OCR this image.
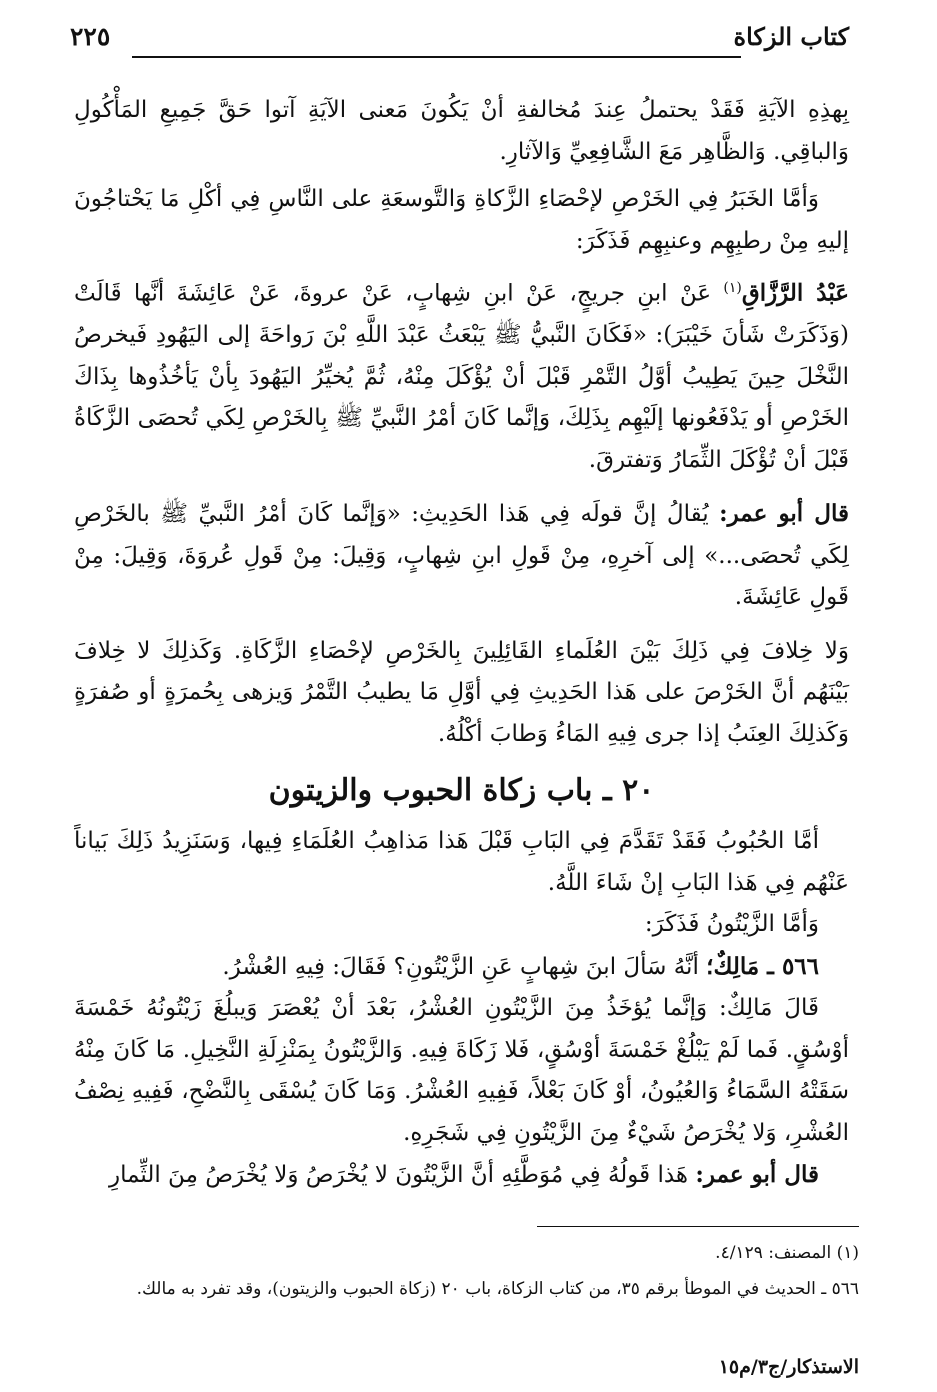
كتاب الزكاة
٢٢٥

بِهذِهِ الآيَةِ فَقَدْ يحتملُ عِندَ مُخالفةِ أنْ يَكُونَ مَعنى الآيَةِ آتوا حَقَّ جَمِيعِ المَأْكُولِ وَالباقِي. وَالظَّاهِر مَعَ الشَّافِعِيِّ وَالآثارِ.

وَأمَّا الخَبَرُ فِي الخَرْصِ لإحْصَاءِ الزَّكاةِ وَالتَّوسعَةِ على النَّاسِ فِي أكْلِ مَا يَحْتاجُونَ إليهِ مِنْ رطبِهِم وعنبِهِم فَذَكَرَ:

عَبْدُ الرَّزَّاقِ$^{(١)}$ عَنْ ابنِ جريجٍ، عَنْ ابنِ شِهابٍ، عَنْ عروةَ، عَنْ عَائِشَةَ أنَّها قَالَتْ (وَذَكَرَتْ شَأنَ خَيْبَرَ): «فَكَانَ النَّبيُّ ﷺ يَبْعَثُ عَبْدَ اللَّهِ بْنَ رَواحَةَ إلى اليَهُودِ فَيخرصُ النَّخْلَ حِينَ يَطِيبُ أوَّلُ التَّمْرِ قَبْلَ أنْ يُؤْكَلَ مِنْهُ، ثُمَّ يُخيِّرُ اليَهُودَ بِأنْ يَأخُذُوها بِذَاكَ الخَرْصِ أو يَدْفَعُونها إلَيْهِم بِذَلِكَ، وَإنَّما كَانَ أمْرُ النَّبيِّ ﷺ بِالخَرْصِ لِكَي تُحصَى الزَّكَاةُ قَبْلَ أنْ تُؤْكَلَ الثِّمَارُ وَتفترقَ.

قال أبو عمر: يُقالُ إنَّ قولَه فِي هَذا الحَدِيثِ: «وَإنَّما كَانَ أمْرُ النَّبيِّ ﷺ بالخَرْصِ لِكَي تُحصَى...» إلى آخرِهِ، مِنْ قَولِ ابنِ شِهابٍ، وَقِيلَ: مِنْ قَولِ عُروَةَ، وَقِيلَ: مِنْ قَولِ عَائِشَةَ.

وَلا خِلافَ فِي ذَلِكَ بَيْنَ العُلَماءِ القَائِلِينَ بِالخَرْصِ لإحْصَاءِ الزَّكَاةِ. وَكَذلِكَ لا خِلافَ بَيْنَهُم أنَّ الخَرْصَ على هَذا الحَدِيثِ فِي أوَّلِ مَا يطيبُ التَّمْرُ وَيزهى بِحُمرَةٍ أو صُفرَةٍ وَكَذلِكَ العِنَبُ إذا جرى فِيهِ المَاءُ وَطابَ أكْلُهُ.

٢٠ ـ باب زكاة الحبوب والزيتون

أمَّا الحُبُوبُ فَقَدْ تَقَدَّمَ فِي البَابِ قَبْلَ هَذا مَذاهِبُ العُلَمَاءِ فِيها، وَسَنَزِيدُ ذَلِكَ بَياناً عَنْهُم فِي هَذا البَابِ إنْ شَاءَ اللَّهُ.

وَأمَّا الزَّيْتُونُ فَذَكَرَ:

٥٦٦ ـ مَالِكٌ؛ أنَّهُ سَألَ ابنَ شِهابٍ عَنِ الزَّيْتُونِ؟ فَقَالَ: فِيهِ العُشْرُ.

قَالَ مَالِكٌ: وَإنَّما يُؤخَذُ مِنَ الزَّيْتُونِ العُشْرُ، بَعْدَ أنْ يُعْصَرَ وَيبلُغَ زَيْتُونُهُ خَمْسَةَ أوْسُقٍ. فَما لَمْ يَبْلُغْ خَمْسَةَ أوْسُقٍ، فَلا زَكَاةَ فِيهِ. وَالزَّيْتُونُ بِمَنْزِلَةِ النَّخِيلِ. مَا كَانَ مِنْهُ سَقَتْهُ السَّمَاءُ وَالعُيُونُ، أوْ كَانَ بَعْلاً، فَفِيهِ العُشْرُ. وَمَا كَانَ يُسْقَى بِالنَّضْحِ، فَفِيهِ نِصْفُ العُشْرِ، وَلا يُخْرَصُ شَيْءٌ مِنَ الزَّيْتُونِ فِي شَجَرِهِ.

قال أبو عمر: هَذا قَولُهُ فِي مُوَطَّئِهِ أنَّ الزَّيْتُونَ لا يُخْرَصُ وَلا يُخْرَصُ مِنَ الثِّمارِ

(١) المصنف: ٤/١٢٩.

٥٦٦ ـ الحديث في الموطأ برقم ٣٥، من كتاب الزكاة، باب ٢٠ (زكاة الحبوب والزيتون)، وقد تفرد به مالك.

الاستذكار/ج٣/م١٥
